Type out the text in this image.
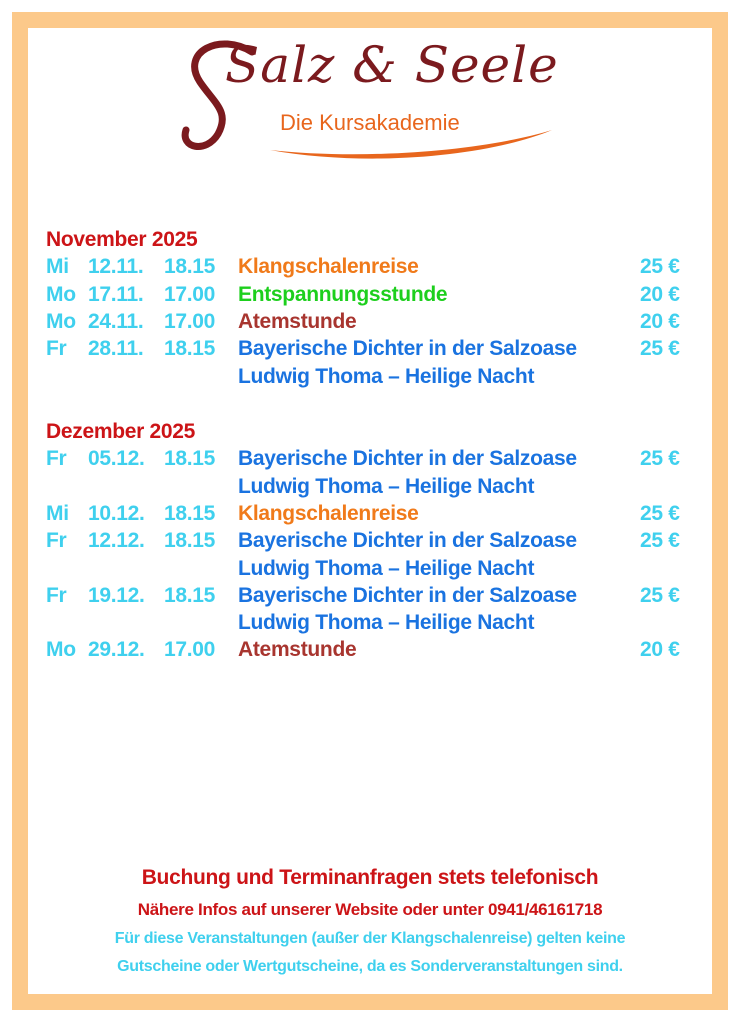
Salz & Seele
Die Kursakademie
November 2025
Mi 12.11. 18.15 Klangschalenreise	25 €
Mo 17.11. 17.00 Entspannungsstunde	20 €
Mo 24.11. 17.00 Atemstunde	20 €
Fr 28.11. 18.15 Bayerische Dichter in der Salzoase	25 €
Ludwig Thoma – Heilige Nacht
Dezember 2025
Fr 05.12. 18.15 Bayerische Dichter in der Salzoase	25 €
Ludwig Thoma – Heilige Nacht
Mi 10.12. 18.15 Klangschalenreise	25 €
Fr 12.12. 18.15 Bayerische Dichter in der Salzoase	25 €
Ludwig Thoma – Heilige Nacht
Fr 19.12. 18.15 Bayerische Dichter in der Salzoase	25 €
Ludwig Thoma – Heilige Nacht
Mo 29.12. 17.00 Atemstunde	20 €
Buchung und Terminanfragen stets telefonisch
Nähere Infos auf unserer Website oder unter 0941/46161718
Für diese Veranstaltungen (außer der Klangschalenreise) gelten keine
Gutscheine oder Wertgutscheine, da es Sonderveranstaltungen sind.
